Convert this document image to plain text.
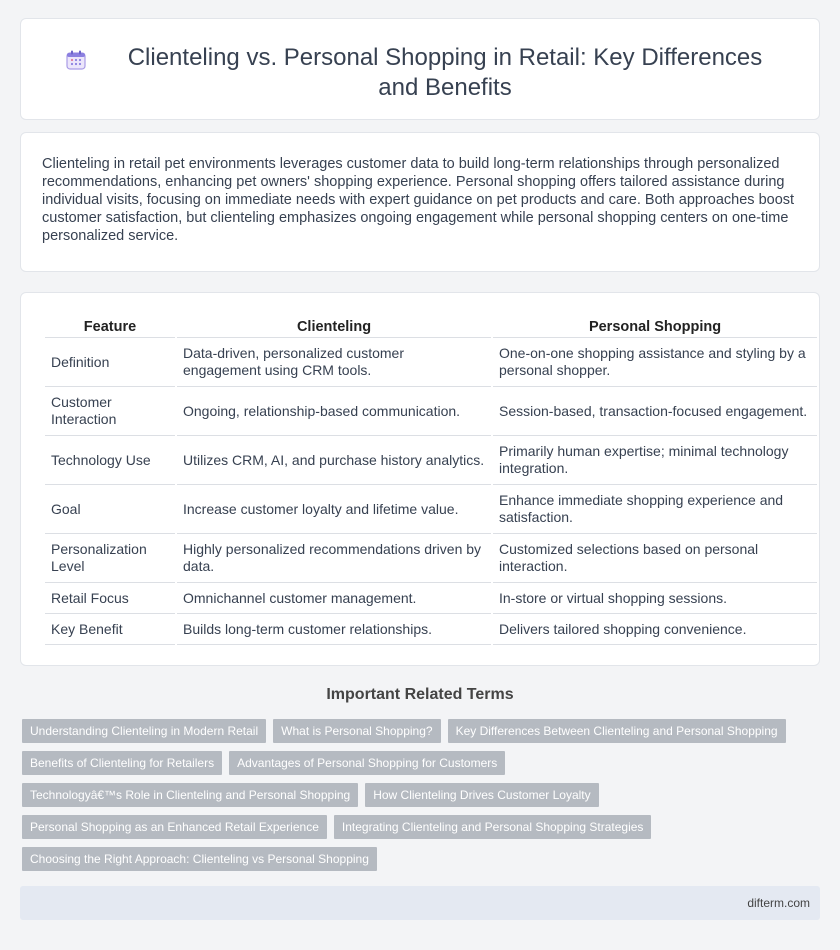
Clienteling vs. Personal Shopping in Retail: Key Differences and Benefits

Clienteling in retail pet environments leverages customer data to build long-term relationships through personalized recommendations, enhancing pet owners' shopping experience. Personal shopping offers tailored assistance during individual visits, focusing on immediate needs with expert guidance on pet products and care. Both approaches boost customer satisfaction, but clienteling emphasizes ongoing engagement while personal shopping centers on one-time personalized service.

Feature	Clienteling	Personal Shopping
Definition	Data-driven, personalized customer engagement using CRM tools.	One-on-one shopping assistance and styling by a personal shopper.
Customer Interaction	Ongoing, relationship-based communication.	Session-based, transaction-focused engagement.
Technology Use	Utilizes CRM, AI, and purchase history analytics.	Primarily human expertise; minimal technology integration.
Goal	Increase customer loyalty and lifetime value.	Enhance immediate shopping experience and satisfaction.
Personalization Level	Highly personalized recommendations driven by data.	Customized selections based on personal interaction.
Retail Focus	Omnichannel customer management.	In-store or virtual shopping sessions.
Key Benefit	Builds long-term customer relationships.	Delivers tailored shopping convenience.
Important Related Terms
Understanding Clienteling in Modern Retail	What is Personal Shopping?	Key Differences Between Clienteling and Personal Shopping
Benefits of Clienteling for Retailers	Advantages of Personal Shopping for Customers
Technologyâ€™s Role in Clienteling and Personal Shopping	How Clienteling Drives Customer Loyalty
Personal Shopping as an Enhanced Retail Experience	Integrating Clienteling and Personal Shopping Strategies
Choosing the Right Approach: Clienteling vs Personal Shopping
difterm.com
